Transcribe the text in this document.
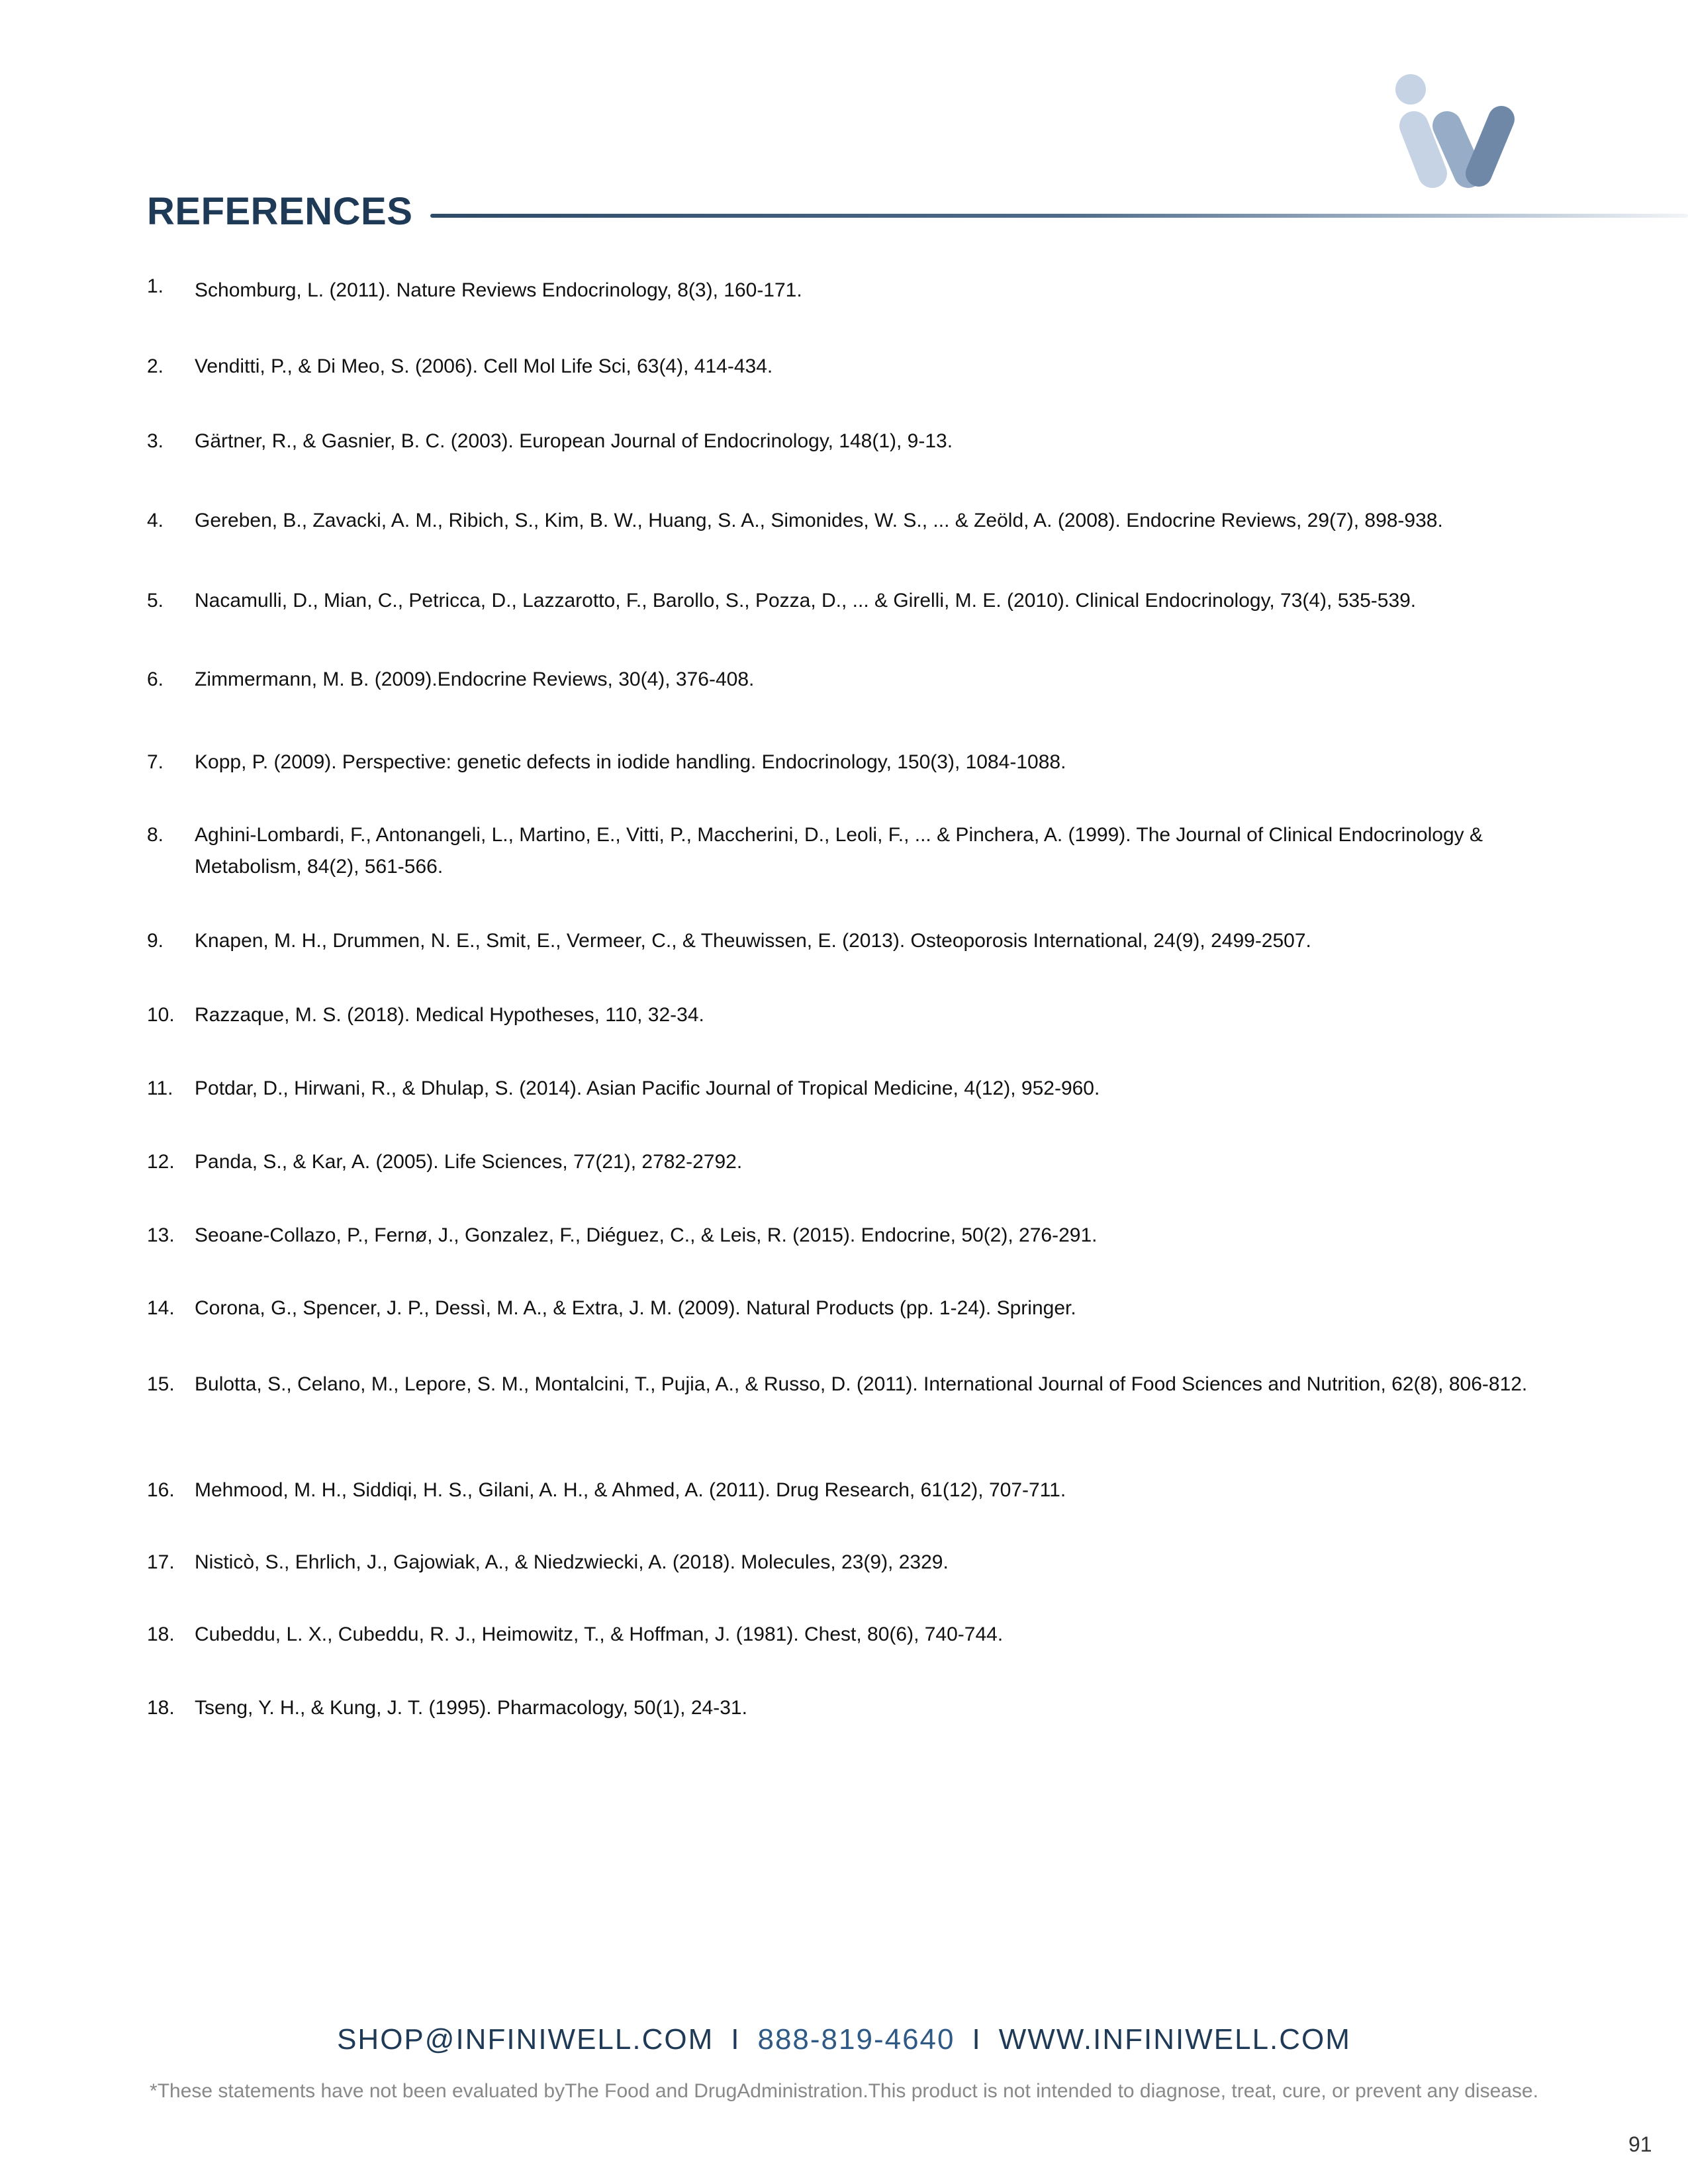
REFERENCES
1.	Schomburg, L. (2011). Nature Reviews Endocrinology, 8(3), 160-171.
2.	Venditti, P., & Di Meo, S. (2006). Cell Mol Life Sci, 63(4), 414-434.
3.	Gärtner, R., & Gasnier, B. C. (2003). European Journal of Endocrinology, 148(1), 9-13.
4.	Gereben, B., Zavacki, A. M., Ribich, S., Kim, B. W., Huang, S. A., Simonides, W. S., ... & Zeöld, A. (2008). Endocrine Reviews, 29(7), 898-938.
5.	Nacamulli, D., Mian, C., Petricca, D., Lazzarotto, F., Barollo, S., Pozza, D., ... & Girelli, M. E. (2010). Clinical Endocrinology, 73(4), 535-539.
6.	Zimmermann, M. B. (2009).Endocrine Reviews, 30(4), 376-408.
7.	Kopp, P. (2009). Perspective: genetic defects in iodide handling. Endocrinology, 150(3), 1084-1088.
8.	Aghini-Lombardi, F., Antonangeli, L., Martino, E., Vitti, P., Maccherini, D., Leoli, F., ... & Pinchera, A. (1999). The Journal of Clinical Endocrinology & Metabolism, 84(2), 561-566.
9.	Knapen, M. H., Drummen, N. E., Smit, E., Vermeer, C., & Theuwissen, E. (2013). Osteoporosis International, 24(9), 2499-2507.
10.	Razzaque, M. S. (2018). Medical Hypotheses, 110, 32-34.
11.	Potdar, D., Hirwani, R., & Dhulap, S. (2014). Asian Pacific Journal of Tropical Medicine, 4(12), 952-960.
12.	Panda, S., & Kar, A. (2005). Life Sciences, 77(21), 2782-2792.
13.	Seoane-Collazo, P., Fernø, J., Gonzalez, F., Diéguez, C., & Leis, R. (2015). Endocrine, 50(2), 276-291.
14.	Corona, G., Spencer, J. P., Dessì, M. A., & Extra, J. M. (2009). Natural Products (pp. 1-24). Springer.
15.	Bulotta, S., Celano, M., Lepore, S. M., Montalcini, T., Pujia, A., & Russo, D. (2011). International Journal of Food Sciences and Nutrition, 62(8), 806-812.
16.	Mehmood, M. H., Siddiqi, H. S., Gilani, A. H., & Ahmed, A. (2011). Drug Research, 61(12), 707-711.
17.	Nisticò, S., Ehrlich, J., Gajowiak, A., & Niedzwiecki, A. (2018). Molecules, 23(9), 2329.
18.	Cubeddu, L. X., Cubeddu, R. J., Heimowitz, T., & Hoffman, J. (1981). Chest, 80(6), 740-744.
18.	Tseng, Y. H., & Kung, J. T. (1995). Pharmacology, 50(1), 24-31.
SHOP@INFINIWELL.COM I 888-819-4640 I WWW.INFINIWELL.COM
*These statements have not been evaluated byThe Food and DrugAdministration.This product is not intended to diagnose, treat, cure, or prevent any disease.
91
